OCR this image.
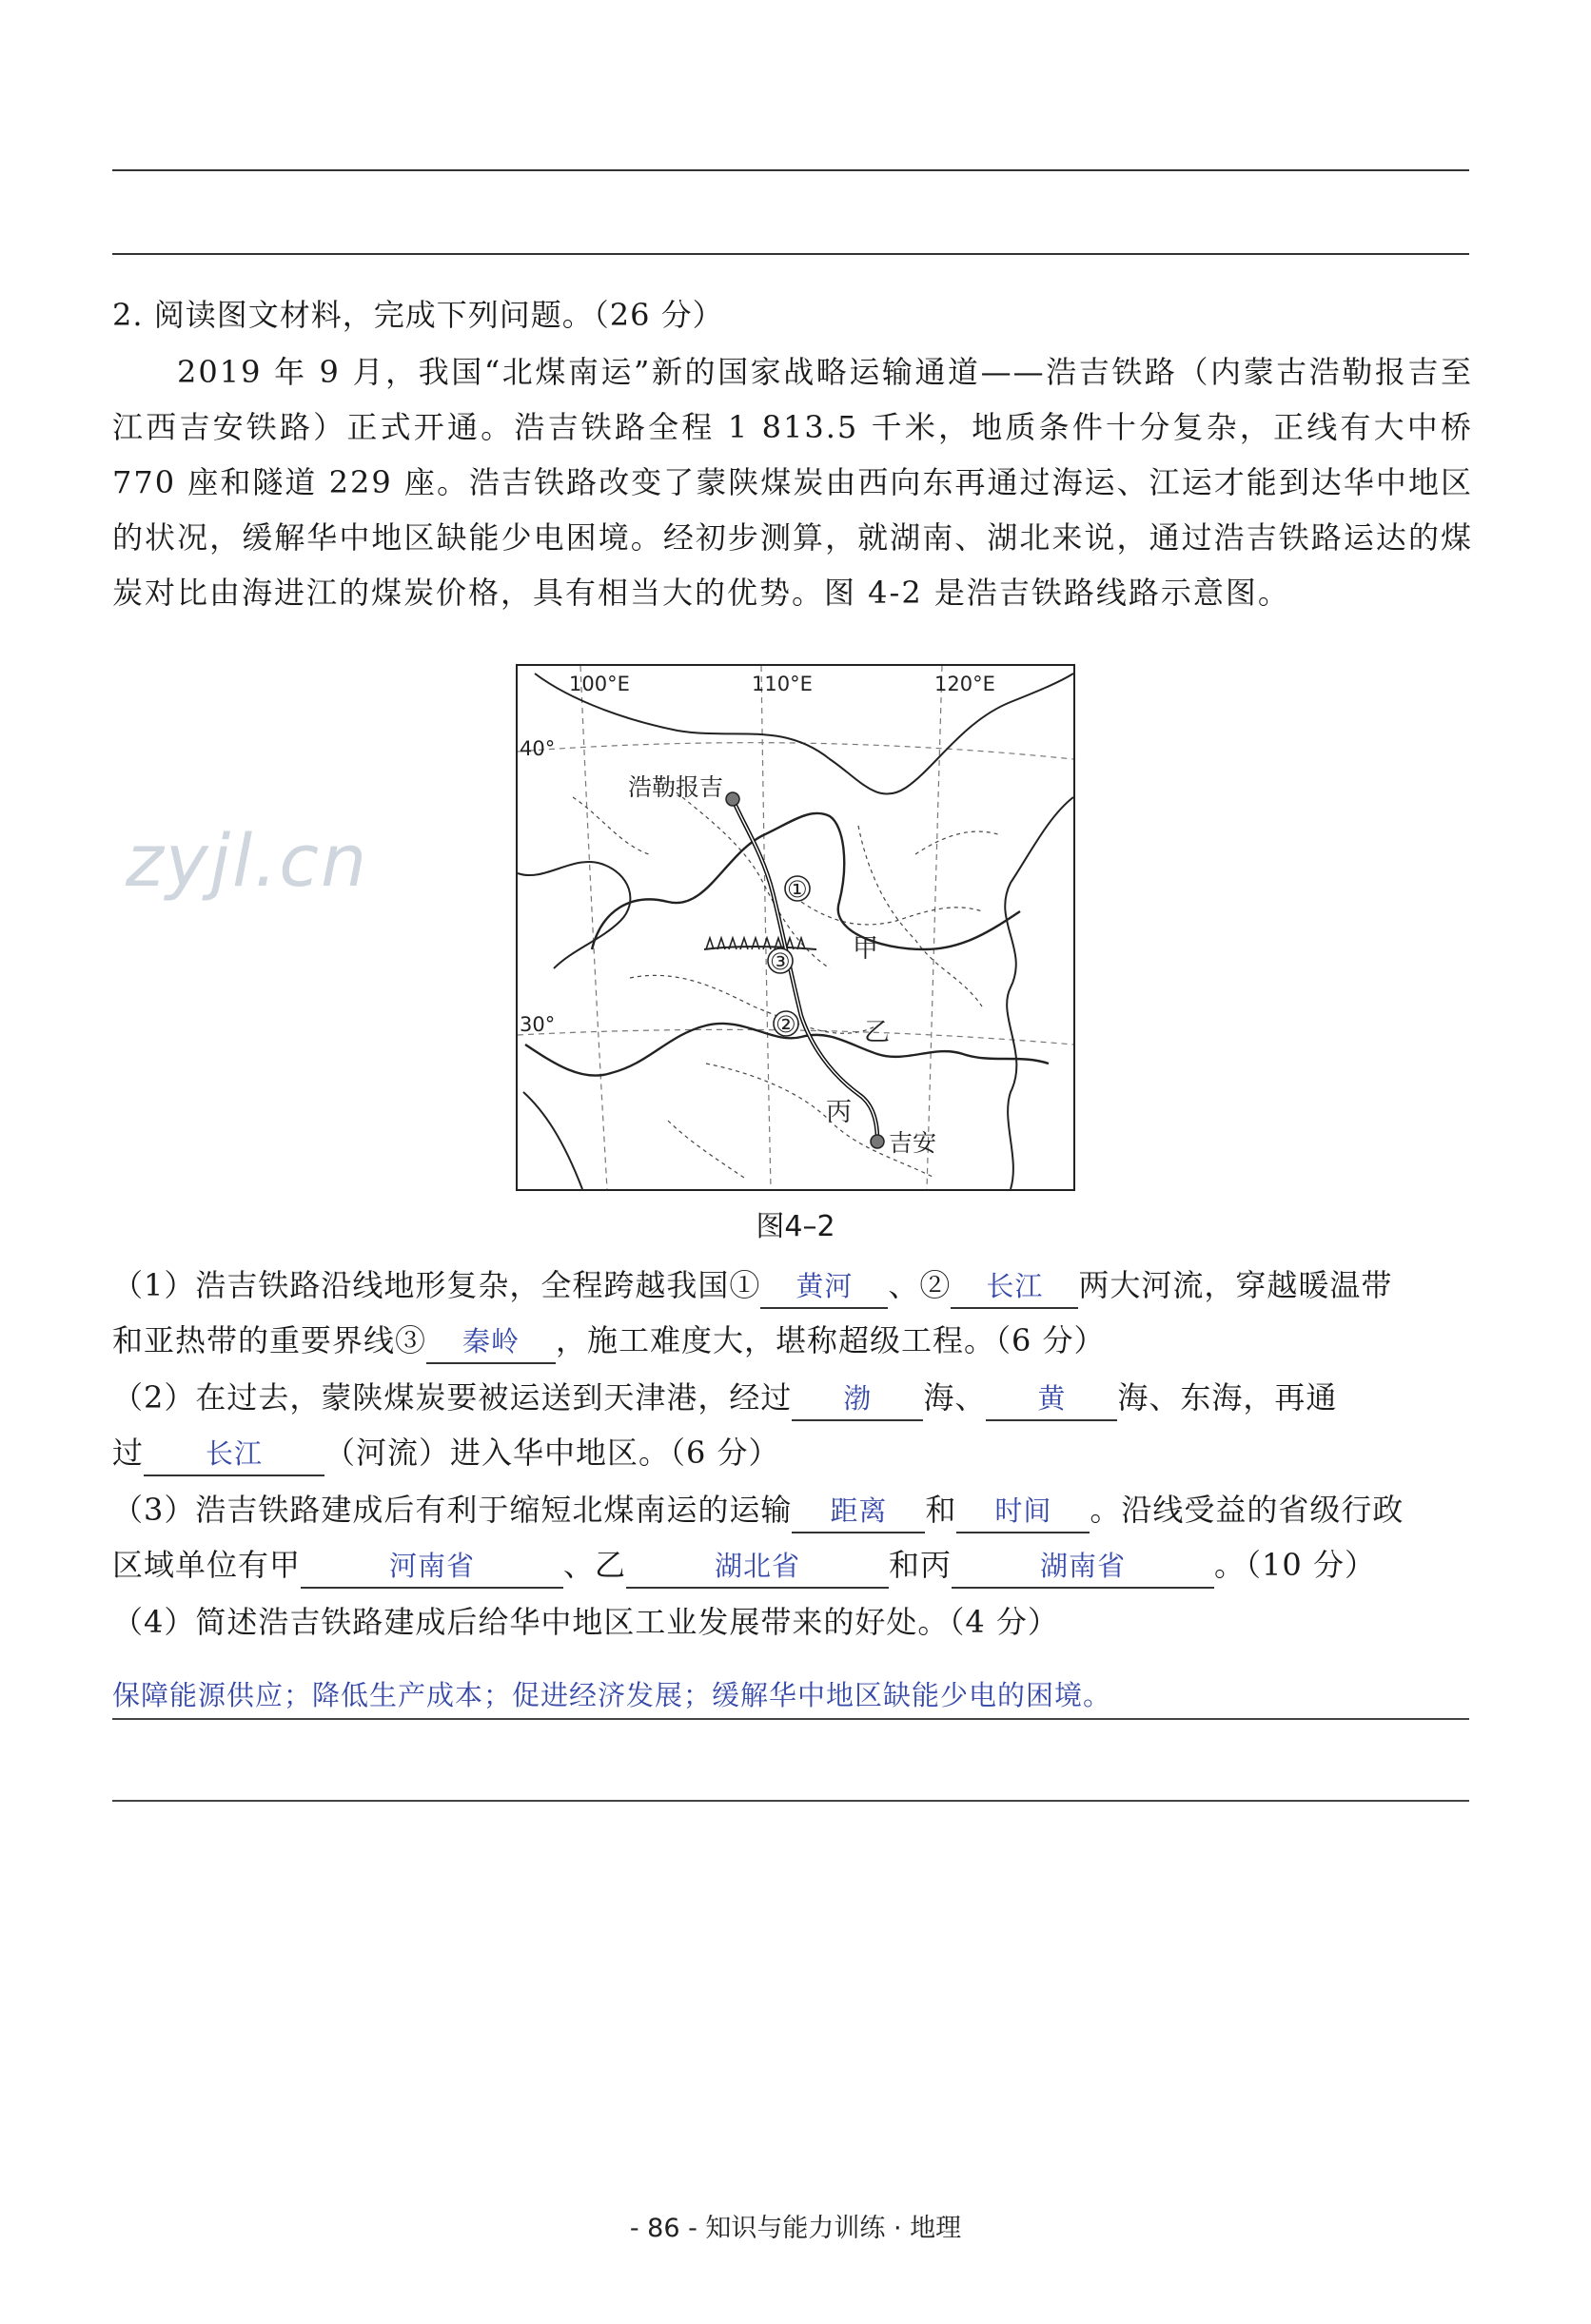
2. 阅读图文材料，完成下列问题。（26 分）
2019 年 9 月，我国“北煤南运”新的国家战略运输通道——浩吉铁路（内蒙古浩勒报吉至江西吉安铁路）正式开通。浩吉铁路全程 1 813.5 千米，地质条件十分复杂，正线有大中桥 770 座和隧道 229 座。浩吉铁路改变了蒙陕煤炭由西向东再通过海运、江运才能到达华中地区的状况，缓解华中地区缺能少电困境。经初步测算，就湖南、湖北来说，通过浩吉铁路运达的煤炭对比由海进江的煤炭价格，具有相当大的优势。图 4-2 是浩吉铁路线路示意图。
zyjl.cn
100°E	110°E	120°E
40°
30°
浩勒报吉
吉安
①
②
③ 甲
乙
丙
图4–2
（1）浩吉铁路沿线地形复杂，全程跨越我国① 黄河 、② 长江 两大河流，穿越暖温带
和亚热带的重要界线③ 秦岭 ，施工难度大，堪称超级工程。（6 分）
（2）在过去，蒙陕煤炭要被运送到天津港，经过 渤 海、 黄 海、东海，再通
过 长江 （河流）进入华中地区。（6 分）
（3）浩吉铁路建成后有利于缩短北煤南运的运输 距离 和 时间 。沿线受益的省级行政
区域单位有甲	河南省	、乙	湖北省	和丙	湖南省	。（10 分）
（4）简述浩吉铁路建成后给华中地区工业发展带来的好处。（4 分）
保障能源供应；降低生产成本；促进经济发展；缓解华中地区缺能少电的困境。
- 86 - 知识与能力训练 · 地理
